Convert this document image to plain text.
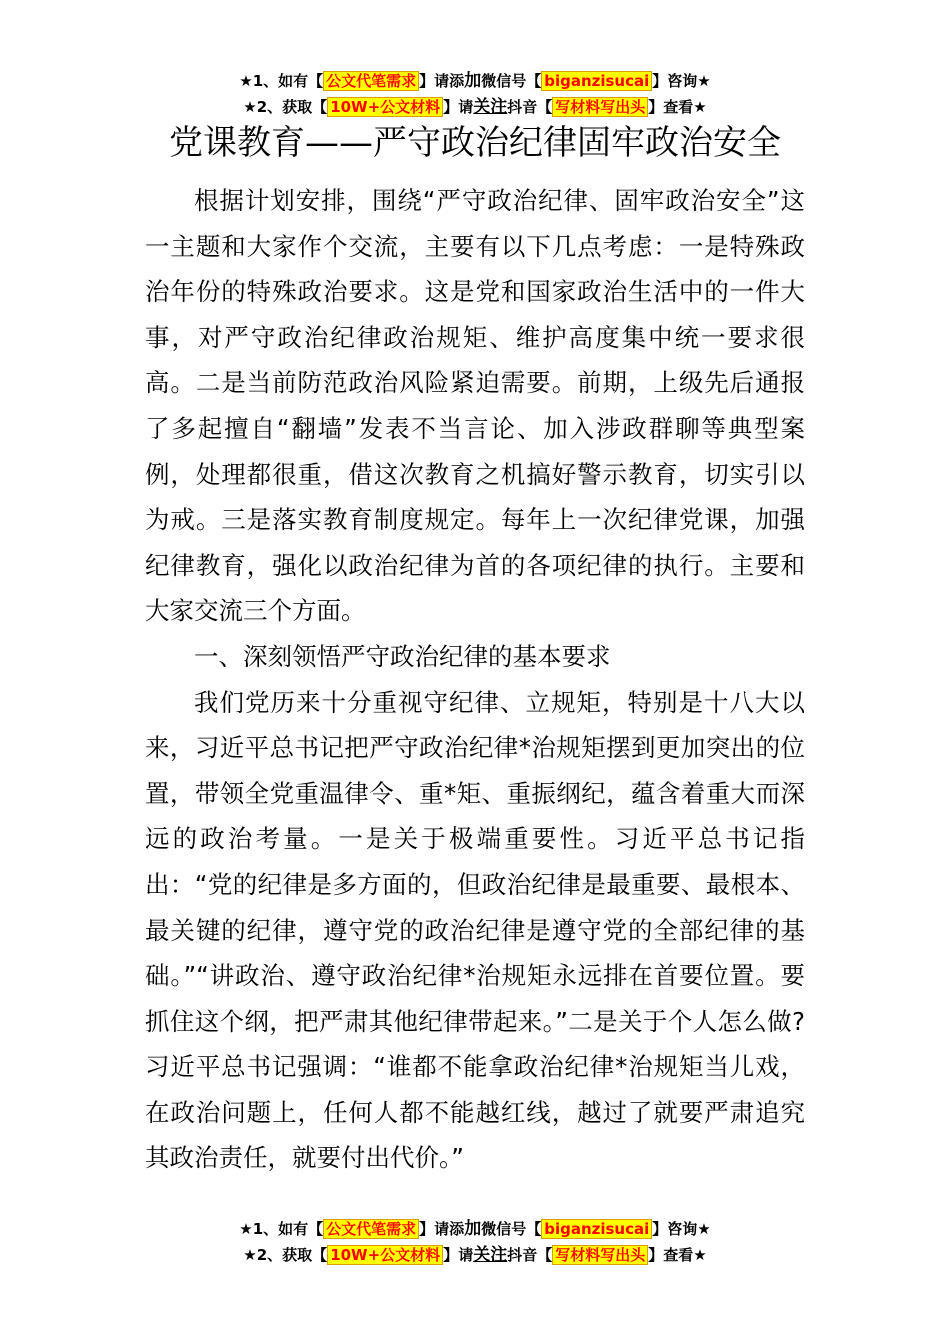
★1、如有【 公文代笔需求 】请添加微信号【 biganzisucai 】咨询★
★2、获取【 10W+公文材料 】请关注抖音【 写材料写出头 】查看★
党课教育——严守政治纪律固牢政治安全

根据计划安排，围绕“严守政治纪律、固牢政治安全”这一主题和大家作个交流，主要有以下几点考虑：一是特殊政治年份的特殊政治要求。这是党和国家政治生活中的一件大事，对严守政治纪律政治规矩、维护高度集中统一要求很高。二是当前防范政治风险紧迫需要。前期，上级先后通报了多起擅自“翻墙”发表不当言论、加入涉政群聊等典型案例，处理都很重，借这次教育之机搞好警示教育，切实引以为戒。三是落实教育制度规定。每年上一次纪律党课，加强纪律教育，强化以政治纪律为首的各项纪律的执行。主要和大家交流三个方面。

一、深刻领悟严守政治纪律的基本要求

我们党历来十分重视守纪律、立规矩，特别是十八大以来，习近平总书记把严守政治纪律*治规矩摆到更加突出的位置，带领全党重温律令、重*矩、重振纲纪，蕴含着重大而深远的政治考量。一是关于极端重要性。习近平总书记指出：“党的纪律是多方面的，但政治纪律是最重要、最根本、最关键的纪律，遵守党的政治纪律是遵守党的全部纪律的基础。”“讲政治、遵守政治纪律*治规矩永远排在首要位置。要抓住这个纲，把严肃其他纪律带起来。”二是关于个人怎么做?习近平总书记强调：“谁都不能拿政治纪律*治规矩当儿戏，在政治问题上，任何人都不能越红线，越过了就要严肃追究其政治责任，就要付出代价。”

★1、如有【 公文代笔需求 】请添加微信号【 biganzisucai 】咨询★
★2、获取【 10W+公文材料 】请关注抖音【 写材料写出头 】查看★
